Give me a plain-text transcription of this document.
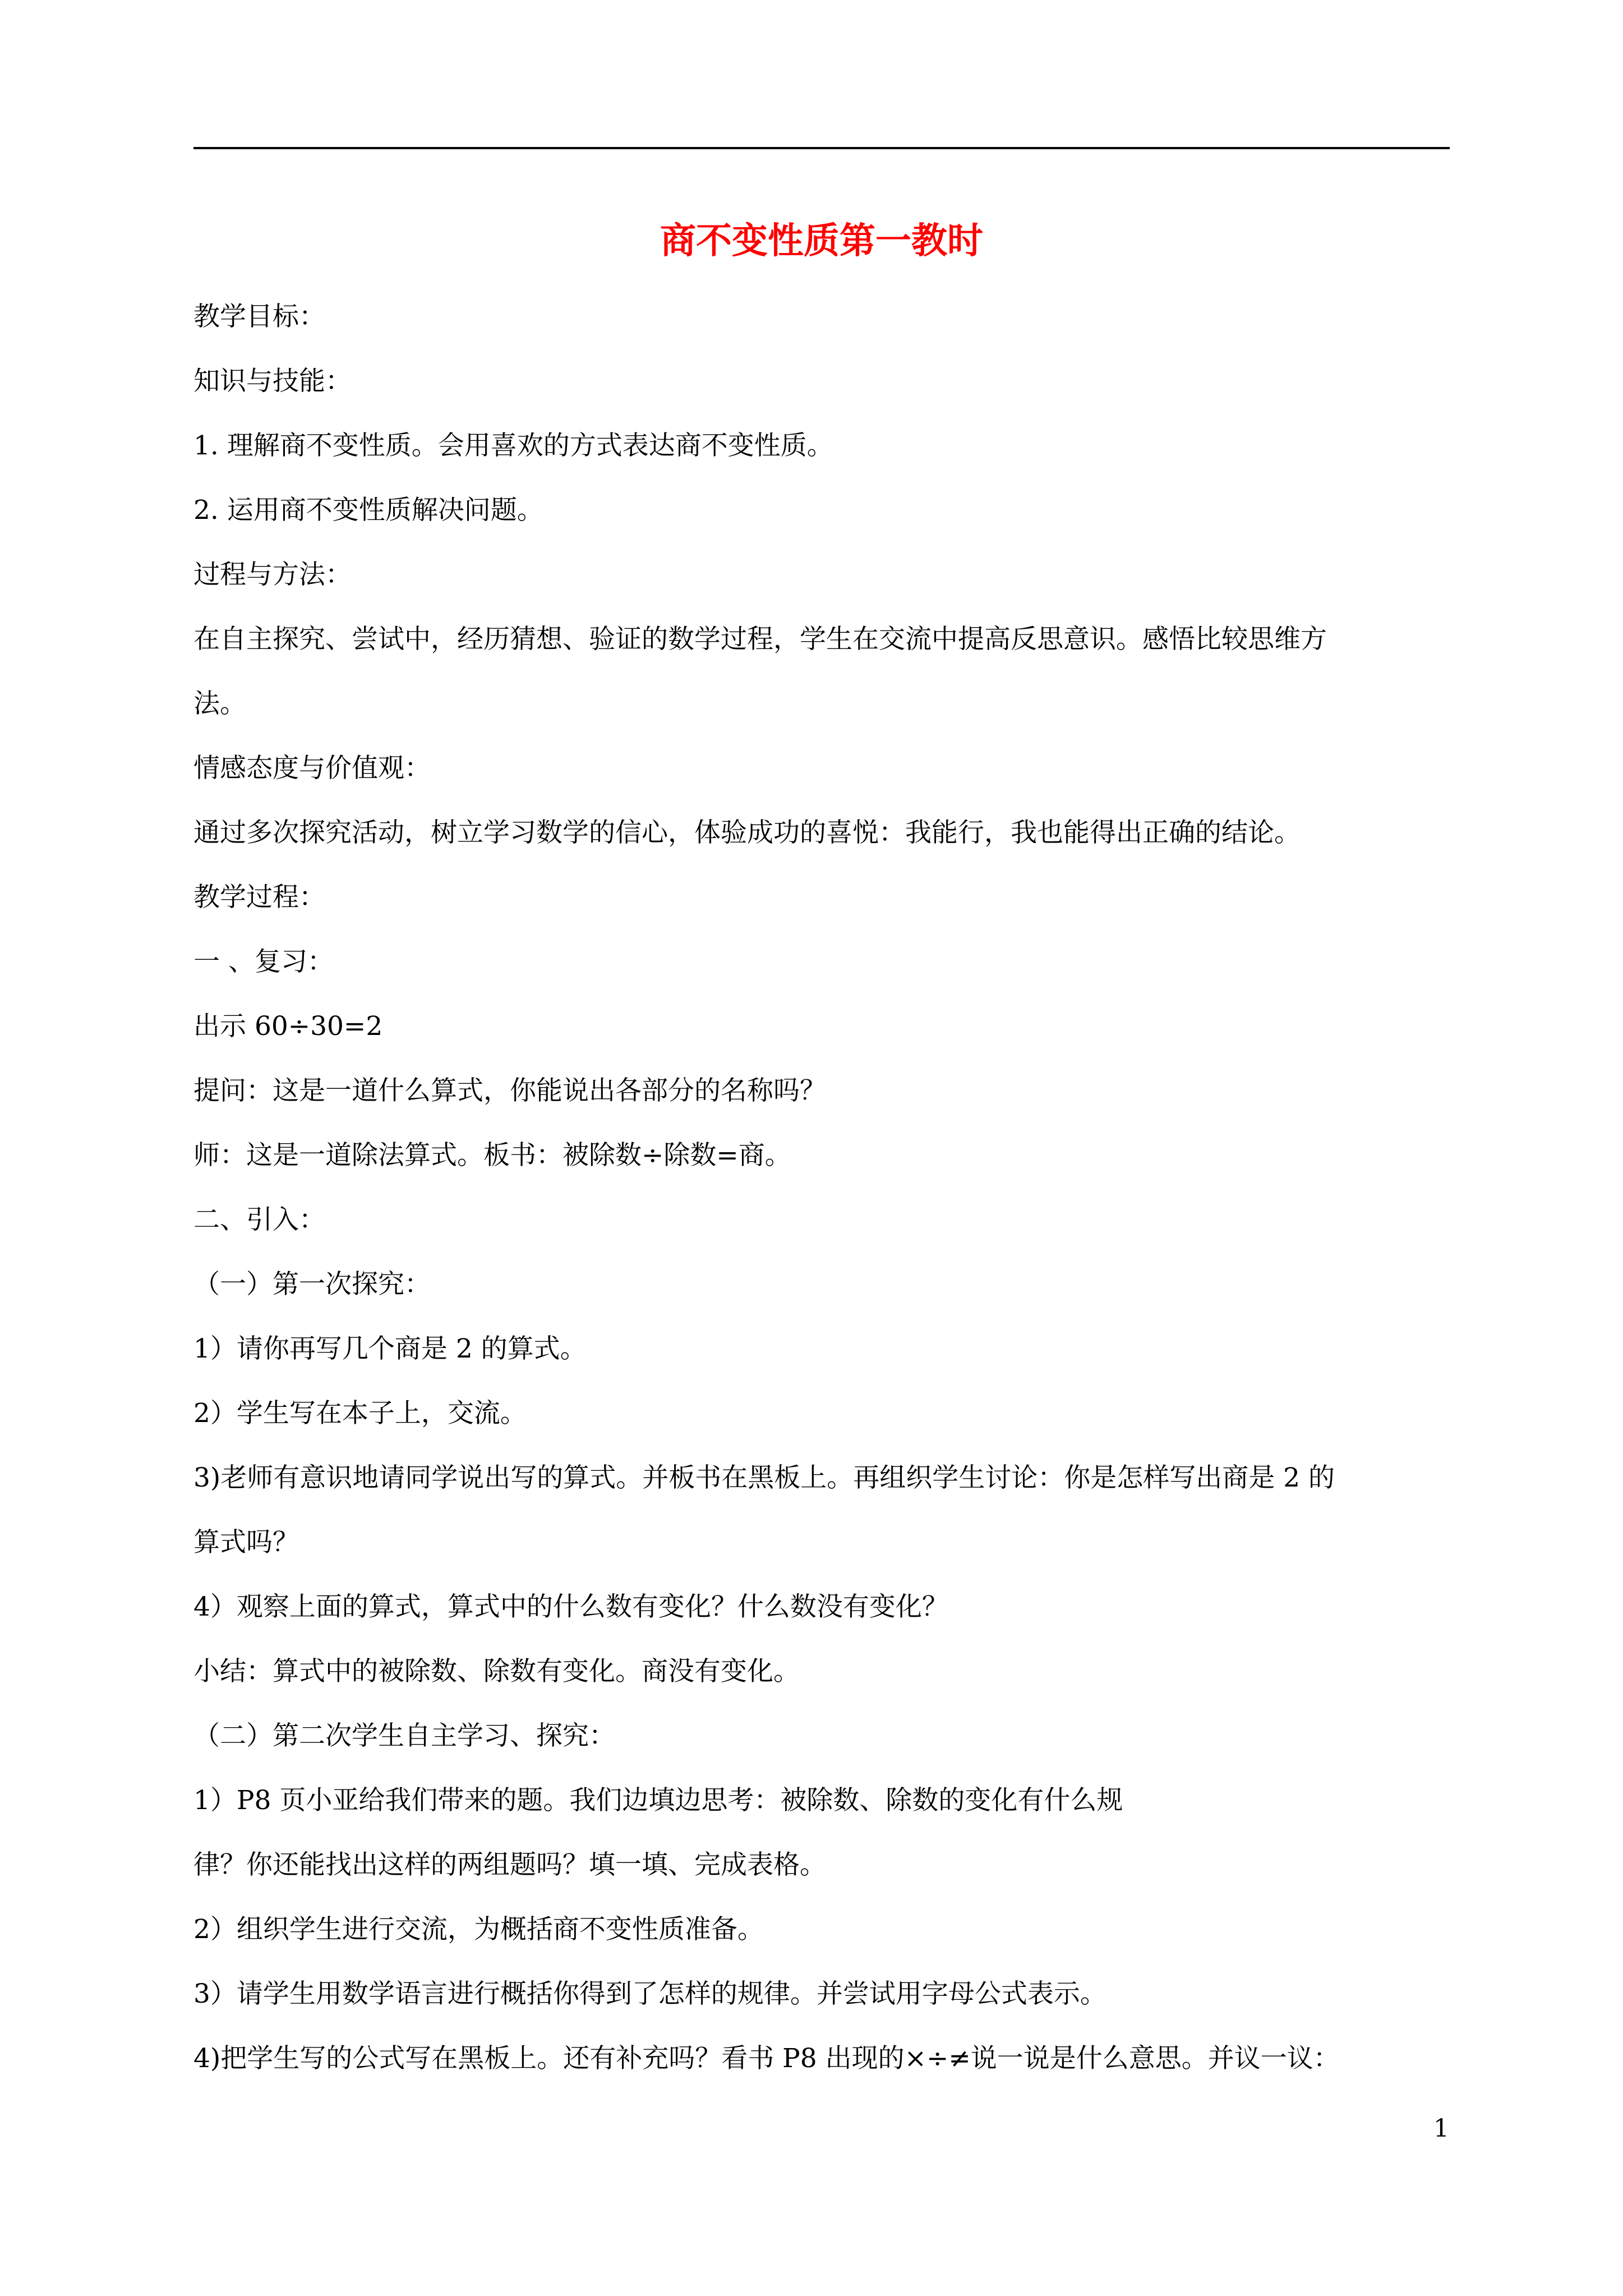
商不变性质第一教时
教学目标：
知识与技能：
1. 理解商不变性质。会用喜欢的方式表达商不变性质。
2. 运用商不变性质解决问题。
过程与方法：
在自主探究、尝试中，经历猜想、验证的数学过程，学生在交流中提高反思意识。感悟比较思维方
法。
情感态度与价值观：
通过多次探究活动，树立学习数学的信心，体验成功的喜悦：我能行，我也能得出正确的结论。
教学过程：
一 、复习：
出示 60÷30=2
提问：这是一道什么算式，你能说出各部分的名称吗？
师：这是一道除法算式。板书：被除数÷除数=商。
二、引入：
（一）第一次探究：
1）请你再写几个商是 2 的算式。
2）学生写在本子上，交流。
3)老师有意识地请同学说出写的算式。并板书在黑板上。再组织学生讨论：你是怎样写出商是 2 的
算式吗？
4）观察上面的算式，算式中的什么数有变化？什么数没有变化？
小结：算式中的被除数、除数有变化。商没有变化。
（二）第二次学生自主学习、探究：
1）P8 页小亚给我们带来的题。我们边填边思考：被除数、除数的变化有什么规
律？你还能找出这样的两组题吗？填一填、完成表格。
2）组织学生进行交流，为概括商不变性质准备。
3）请学生用数学语言进行概括你得到了怎样的规律。并尝试用字母公式表示。
4)把学生写的公式写在黑板上。还有补充吗？看书 P8 出现的×÷≠说一说是什么意思。并议一议：
1
